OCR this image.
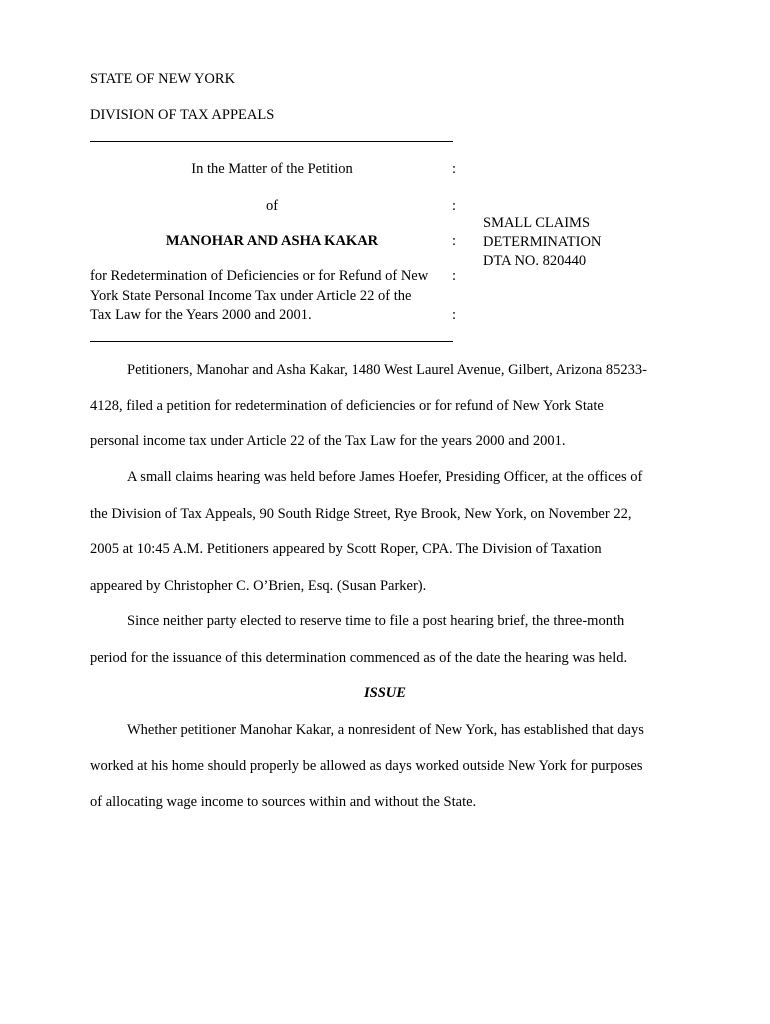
STATE OF NEW YORK
DIVISION OF TAX APPEALS
In the Matter of the Petition	:
of	:
MANOHAR AND ASHA KAKAR	:
for Redetermination of Deficiencies or for Refund of New :
York State Personal Income Tax under Article 22 of the
Tax Law for the Years 2000 and 2001.	:
SMALL CLAIMS
DETERMINATION
DTA NO. 820440
Petitioners, Manohar and Asha Kakar, 1480 West Laurel Avenue, Gilbert, Arizona 85233-
4128, filed a petition for redetermination of deficiencies or for refund of New York State
personal income tax under Article 22 of the Tax Law for the years 2000 and 2001.
A small claims hearing was held before James Hoefer, Presiding Officer, at the offices of
the Division of Tax Appeals, 90 South Ridge Street, Rye Brook, New York, on November 22,
2005 at 10:45 A.M. Petitioners appeared by Scott Roper, CPA. The Division of Taxation
appeared by Christopher C. O’Brien, Esq. (Susan Parker).
Since neither party elected to reserve time to file a post hearing brief, the three-month
period for the issuance of this determination commenced as of the date the hearing was held.
ISSUE
Whether petitioner Manohar Kakar, a nonresident of New York, has established that days
worked at his home should properly be allowed as days worked outside New York for purposes
of allocating wage income to sources within and without the State.
